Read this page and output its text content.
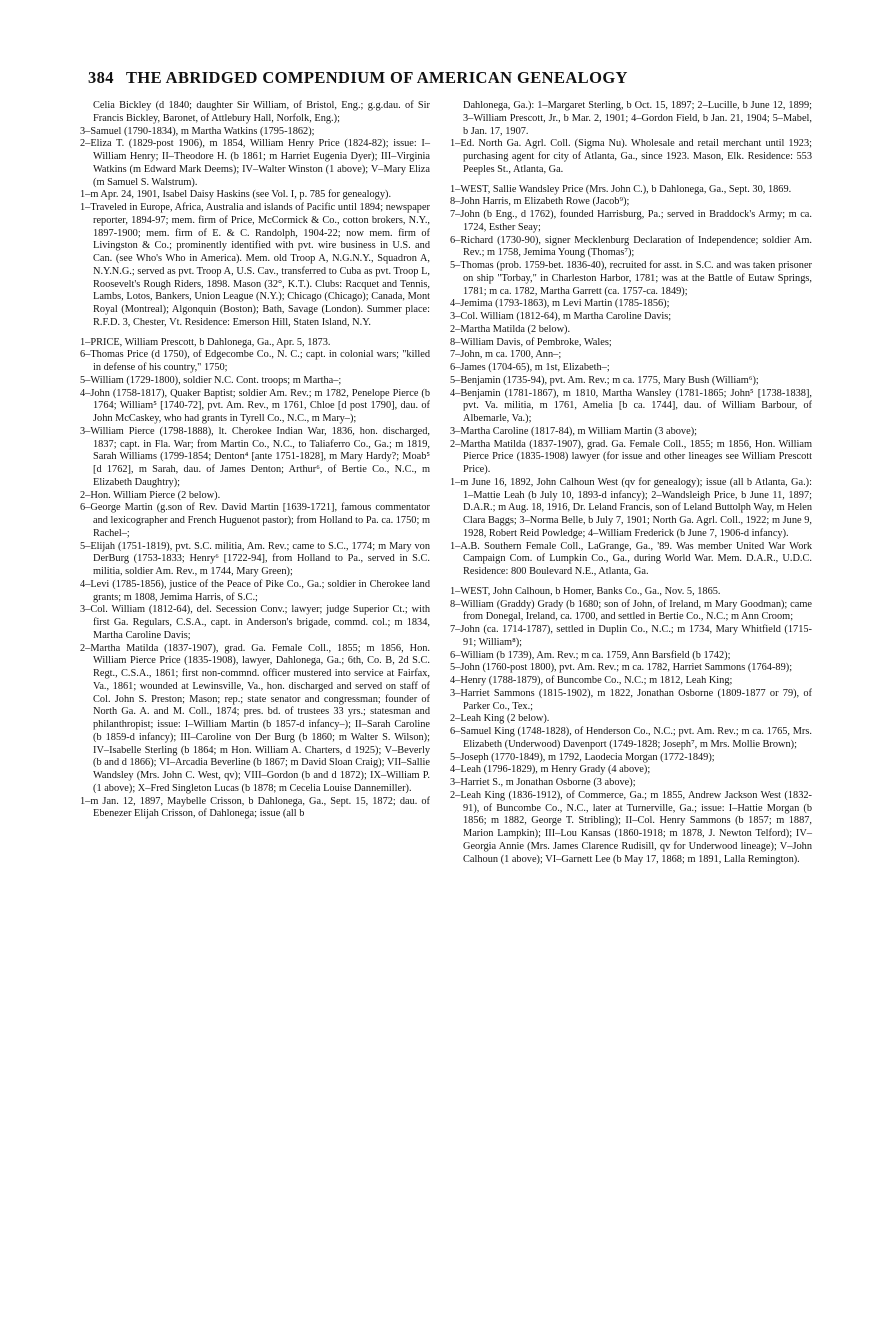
384 THE ABRIDGED COMPENDIUM OF AMERICAN GENEALOGY

Celia Bickley (d 1840; daughter Sir William, of Bristol, Eng.; g.g.dau. of Sir Francis Bickley, Baronet, of Attlebury Hall, Norfolk, Eng.);

3–Samuel (1790-1834), m Martha Watkins (1795-1862);

2–Eliza T. (1829-post 1906), m 1854, William Henry Price (1824-82); issue: I–William Henry; II–Theodore H. (b 1861; m Harriet Eugenia Dyer); III–Virginia Watkins (m Edward Mark Deems); IV–Walter Winston (1 above); V–Mary Eliza (m Samuel S. Walstrum).

1–m Apr. 24, 1901, Isabel Daisy Haskins (see Vol. I, p. 785 for genealogy).

1–Traveled in Europe, Africa, Australia and islands of Pacific until 1894; newspaper reporter, 1894-97; mem. firm of Price, McCormick & Co., cotton brokers, N.Y., 1897-1900; mem. firm of E. & C. Randolph, 1904-22; now mem. firm of Livingston & Co.; prominently identified with pvt. wire business in U.S. and Can. (see Who's Who in America). Mem. old Troop A, N.G.N.Y., Squadron A, N.Y.N.G.; served as pvt. Troop A, U.S. Cav., transferred to Cuba as pvt. Troop L, Roosevelt's Rough Riders, 1898. Mason (32°, K.T.). Clubs: Racquet and Tennis, Lambs, Lotos, Bankers, Union League (N.Y.); Chicago (Chicago); Canada, Mont Royal (Montreal); Algonquin (Boston); Bath, Savage (London). Summer place: R.F.D. 3, Chester, Vt. Residence: Emerson Hill, Staten Island, N.Y.

1–PRICE, William Prescott, b Dahlonega, Ga., Apr. 5, 1873.

6–Thomas Price (d 1750), of Edgecombe Co., N. C.; capt. in colonial wars; "killed in defense of his country," 1750;

5–William (1729-1800), soldier N.C. Cont. troops; m Martha–;

4–John (1758-1817), Quaker Baptist; soldier Am. Rev.; m 1782, Penelope Pierce (b 1764; William⁵ [1740-72], pvt. Am. Rev., m 1761, Chloe [d post 1790], dau. of John McCaskey, who had grants in Tyrell Co., N.C., m Mary–);

3–William Pierce (1798-1888), lt. Cherokee Indian War, 1836, hon. discharged, 1837; capt. in Fla. War; from Martin Co., N.C., to Taliaferro Co., Ga.; m 1819, Sarah Williams (1799-1854; Denton⁴ [ante 1751-1828], m Mary Hardy?; Moab⁵ [d 1762], m Sarah, dau. of James Denton; Arthur⁶, of Bertie Co., N.C., m Elizabeth Daughtry);

2–Hon. William Pierce (2 below).

6–George Martin (g.son of Rev. David Martin [1639-1721], famous commentator and lexicographer and French Huguenot pastor); from Holland to Pa. ca. 1750; m Rachel–;

5–Elijah (1751-1819), pvt. S.C. militia, Am. Rev.; came to S.C., 1774; m Mary von DerBurg (1753-1833; Henry⁶ [1722-94], from Holland to Pa., served in S.C. militia, soldier Am. Rev., m 1744, Mary Green);

4–Levi (1785-1856), justice of the Peace of Pike Co., Ga.; soldier in Cherokee land grants; m 1808, Jemima Harris, of S.C.;

3–Col. William (1812-64), del. Secession Conv.; lawyer; judge Superior Ct.; with first Ga. Regulars, C.S.A., capt. in Anderson's brigade, commd. col.; m 1834, Martha Caroline Davis;

2–Martha Matilda (1837-1907), grad. Ga. Female Coll., 1855; m 1856, Hon. William Pierce Price (1835-1908), lawyer, Dahlonega, Ga.; 6th, Co. B, 2d S.C. Regt., C.S.A., 1861; first non-commnd. officer mustered into service at Fairfax, Va., 1861; wounded at Lewinsville, Va., hon. discharged and served on staff of Col. John S. Preston; Mason; rep.; state senator and congressman; founder of North Ga. A. and M. Coll., 1874; pres. bd. of trustees 33 yrs.; statesman and philanthropist; issue: I–William Martin (b 1857-d infancy–); II–Sarah Caroline (b 1859-d infancy); III–Caroline von Der Burg (b 1860; m Walter S. Wilson); IV–Isabelle Sterling (b 1864; m Hon. William A. Charters, d 1925); V–Beverly (b and d 1866); VI–Arcadia Beverline (b 1867; m David Sloan Craig); VII–Sallie Wandsley (Mrs. John C. West, qv); VIII–Gordon (b and d 1872); IX–William P. (1 above); X–Fred Singleton Lucas (b 1878; m Cecelia Louise Dannemiller).

1–m Jan. 12, 1897, Maybelle Crisson, b Dahlonega, Ga., Sept. 15, 1872; dau. of Ebenezer Elijah Crisson, of Dahlonega; issue (all b

Dahlonega, Ga.): 1–Margaret Sterling, b Oct. 15, 1897; 2–Lucille, b June 12, 1899; 3–William Prescott, Jr., b Mar. 2, 1901; 4–Gordon Field, b Jan. 21, 1904; 5–Mabel, b Jan. 17, 1907.

1–Ed. North Ga. Agrl. Coll. (Sigma Nu). Wholesale and retail merchant until 1923; purchasing agent for city of Atlanta, Ga., since 1923. Mason, Elk. Residence: 553 Peeples St., Atlanta, Ga.

1–WEST, Sallie Wandsley Price (Mrs. John C.), b Dahlonega, Ga., Sept. 30, 1869.

8–John Harris, m Elizabeth Rowe (Jacob⁹);

7–John (b Eng., d 1762), founded Harrisburg, Pa.; served in Braddock's Army; m ca. 1724, Esther Seay;

6–Richard (1730-90), signer Mecklenburg Declaration of Independence; soldier Am. Rev.; m 1758, Jemima Young (Thomas⁷);

5–Thomas (prob. 1759-bet. 1836-40), recruited for asst. in S.C. and was taken prisoner on ship "Torbay," in Charleston Harbor, 1781; was at the Battle of Eutaw Springs, 1781; m ca. 1782, Martha Garrett (ca. 1757-ca. 1849);

4–Jemima (1793-1863), m Levi Martin (1785-1856);

3–Col. William (1812-64), m Martha Caroline Davis;

2–Martha Matilda (2 below).

8–William Davis, of Pembroke, Wales;

7–John, m ca. 1700, Ann–;

6–James (1704-65), m 1st, Elizabeth–;

5–Benjamin (1735-94), pvt. Am. Rev.; m ca. 1775, Mary Bush (William⁶);

4–Benjamin (1781-1867), m 1810, Martha Wansley (1781-1865; John⁵ [1738-1838], pvt. Va. militia, m 1761, Amelia [b ca. 1744], dau. of William Barbour, of Albemarle, Va.);

3–Martha Caroline (1817-84), m William Martin (3 above);

2–Martha Matilda (1837-1907), grad. Ga. Female Coll., 1855; m 1856, Hon. William Pierce Price (1835-1908) lawyer (for issue and other lineages see William Prescott Price).

1–m June 16, 1892, John Calhoun West (qv for genealogy); issue (all b Atlanta, Ga.): 1–Mattie Leah (b July 10, 1893-d infancy); 2–Wandsleigh Price, b June 11, 1897; D.A.R.; m Aug. 18, 1916, Dr. Leland Francis, son of Leland Buttolph Way, m Helen Clara Baggs; 3–Norma Belle, b July 7, 1901; North Ga. Agrl. Coll., 1922; m June 9, 1928, Robert Reid Powledge; 4–William Frederick (b June 7, 1906-d infancy).

1–A.B. Southern Female Coll., LaGrange, Ga., '89. Was member United War Work Campaign Com. of Lumpkin Co., Ga., during World War. Mem. D.A.R., U.D.C. Residence: 800 Boulevard N.E., Atlanta, Ga.

1–WEST, John Calhoun, b Homer, Banks Co., Ga., Nov. 5, 1865.

8–William (Graddy) Grady (b 1680; son of John, of Ireland, m Mary Goodman); came from Donegal, Ireland, ca. 1700, and settled in Bertie Co., N.C.; m Ann Croom;

7–John (ca. 1714-1787), settled in Duplin Co., N.C.; m 1734, Mary Whitfield (1715-91; William⁸);

6–William (b 1739), Am. Rev.; m ca. 1759, Ann Barsfield (b 1742);

5–John (1760-post 1800), pvt. Am. Rev.; m ca. 1782, Harriet Sammons (1764-89);

4–Henry (1788-1879), of Buncombe Co., N.C.; m 1812, Leah King;

3–Harriet Sammons (1815-1902), m 1822, Jonathan Osborne (1809-1877 or 79), of Parker Co., Tex.;

2–Leah King (2 below).

6–Samuel King (1748-1828), of Henderson Co., N.C.; pvt. Am. Rev.; m ca. 1765, Mrs. Elizabeth (Underwood) Davenport (1749-1828; Joseph⁷, m Mrs. Mollie Brown);

5–Joseph (1770-1849), m 1792, Laodecia Morgan (1772-1849);

4–Leah (1796-1829), m Henry Grady (4 above);

3–Harriet S., m Jonathan Osborne (3 above);

2–Leah King (1836-1912), of Commerce, Ga.; m 1855, Andrew Jackson West (1832-91), of Buncombe Co., N.C., later at Turnerville, Ga.; issue: I–Hattie Morgan (b 1856; m 1882, George T. Stribling); II–Col. Henry Sammons (b 1857; m 1887, Marion Lampkin); III–Lou Kansas (1860-1918; m 1878, J. Newton Telford); IV–Georgia Annie (Mrs. James Clarence Rudisill, qv for Underwood lineage); V–John Calhoun (1 above); VI–Garnett Lee (b May 17, 1868; m 1891, Lalla Remington).
